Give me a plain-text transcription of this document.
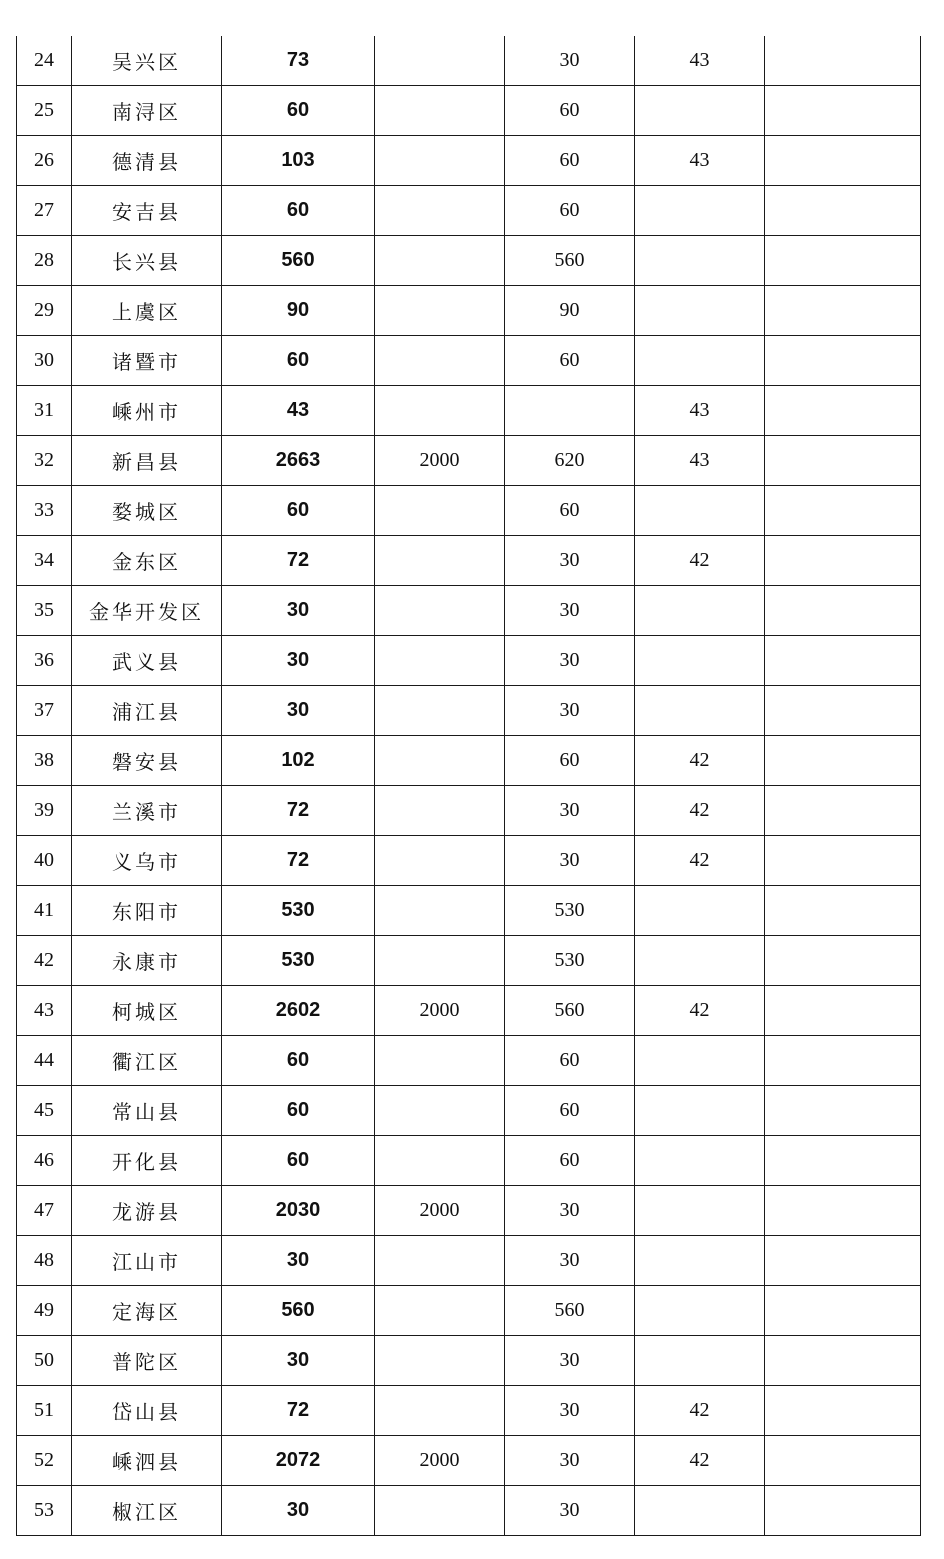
24	吴兴区	73		30	43	
25	南浔区	60		60		
26	德清县	103		60	43	
27	安吉县	60		60		
28	长兴县	560		560		
29	上虞区	90		90		
30	诸暨市	60		60		
31	嵊州市	43			43	
32	新昌县	2663	2000	620	43	
33	婺城区	60		60		
34	金东区	72		30	42	
35	金华开发区	30		30		
36	武义县	30		30		
37	浦江县	30		30		
38	磐安县	102		60	42	
39	兰溪市	72		30	42	
40	义乌市	72		30	42	
41	东阳市	530		530		
42	永康市	530		530		
43	柯城区	2602	2000	560	42	
44	衢江区	60		60		
45	常山县	60		60		
46	开化县	60		60		
47	龙游县	2030	2000	30		
48	江山市	30		30		
49	定海区	560		560		
50	普陀区	30		30		
51	岱山县	72		30	42	
52	嵊泗县	2072	2000	30	42	
53	椒江区	30		30		
